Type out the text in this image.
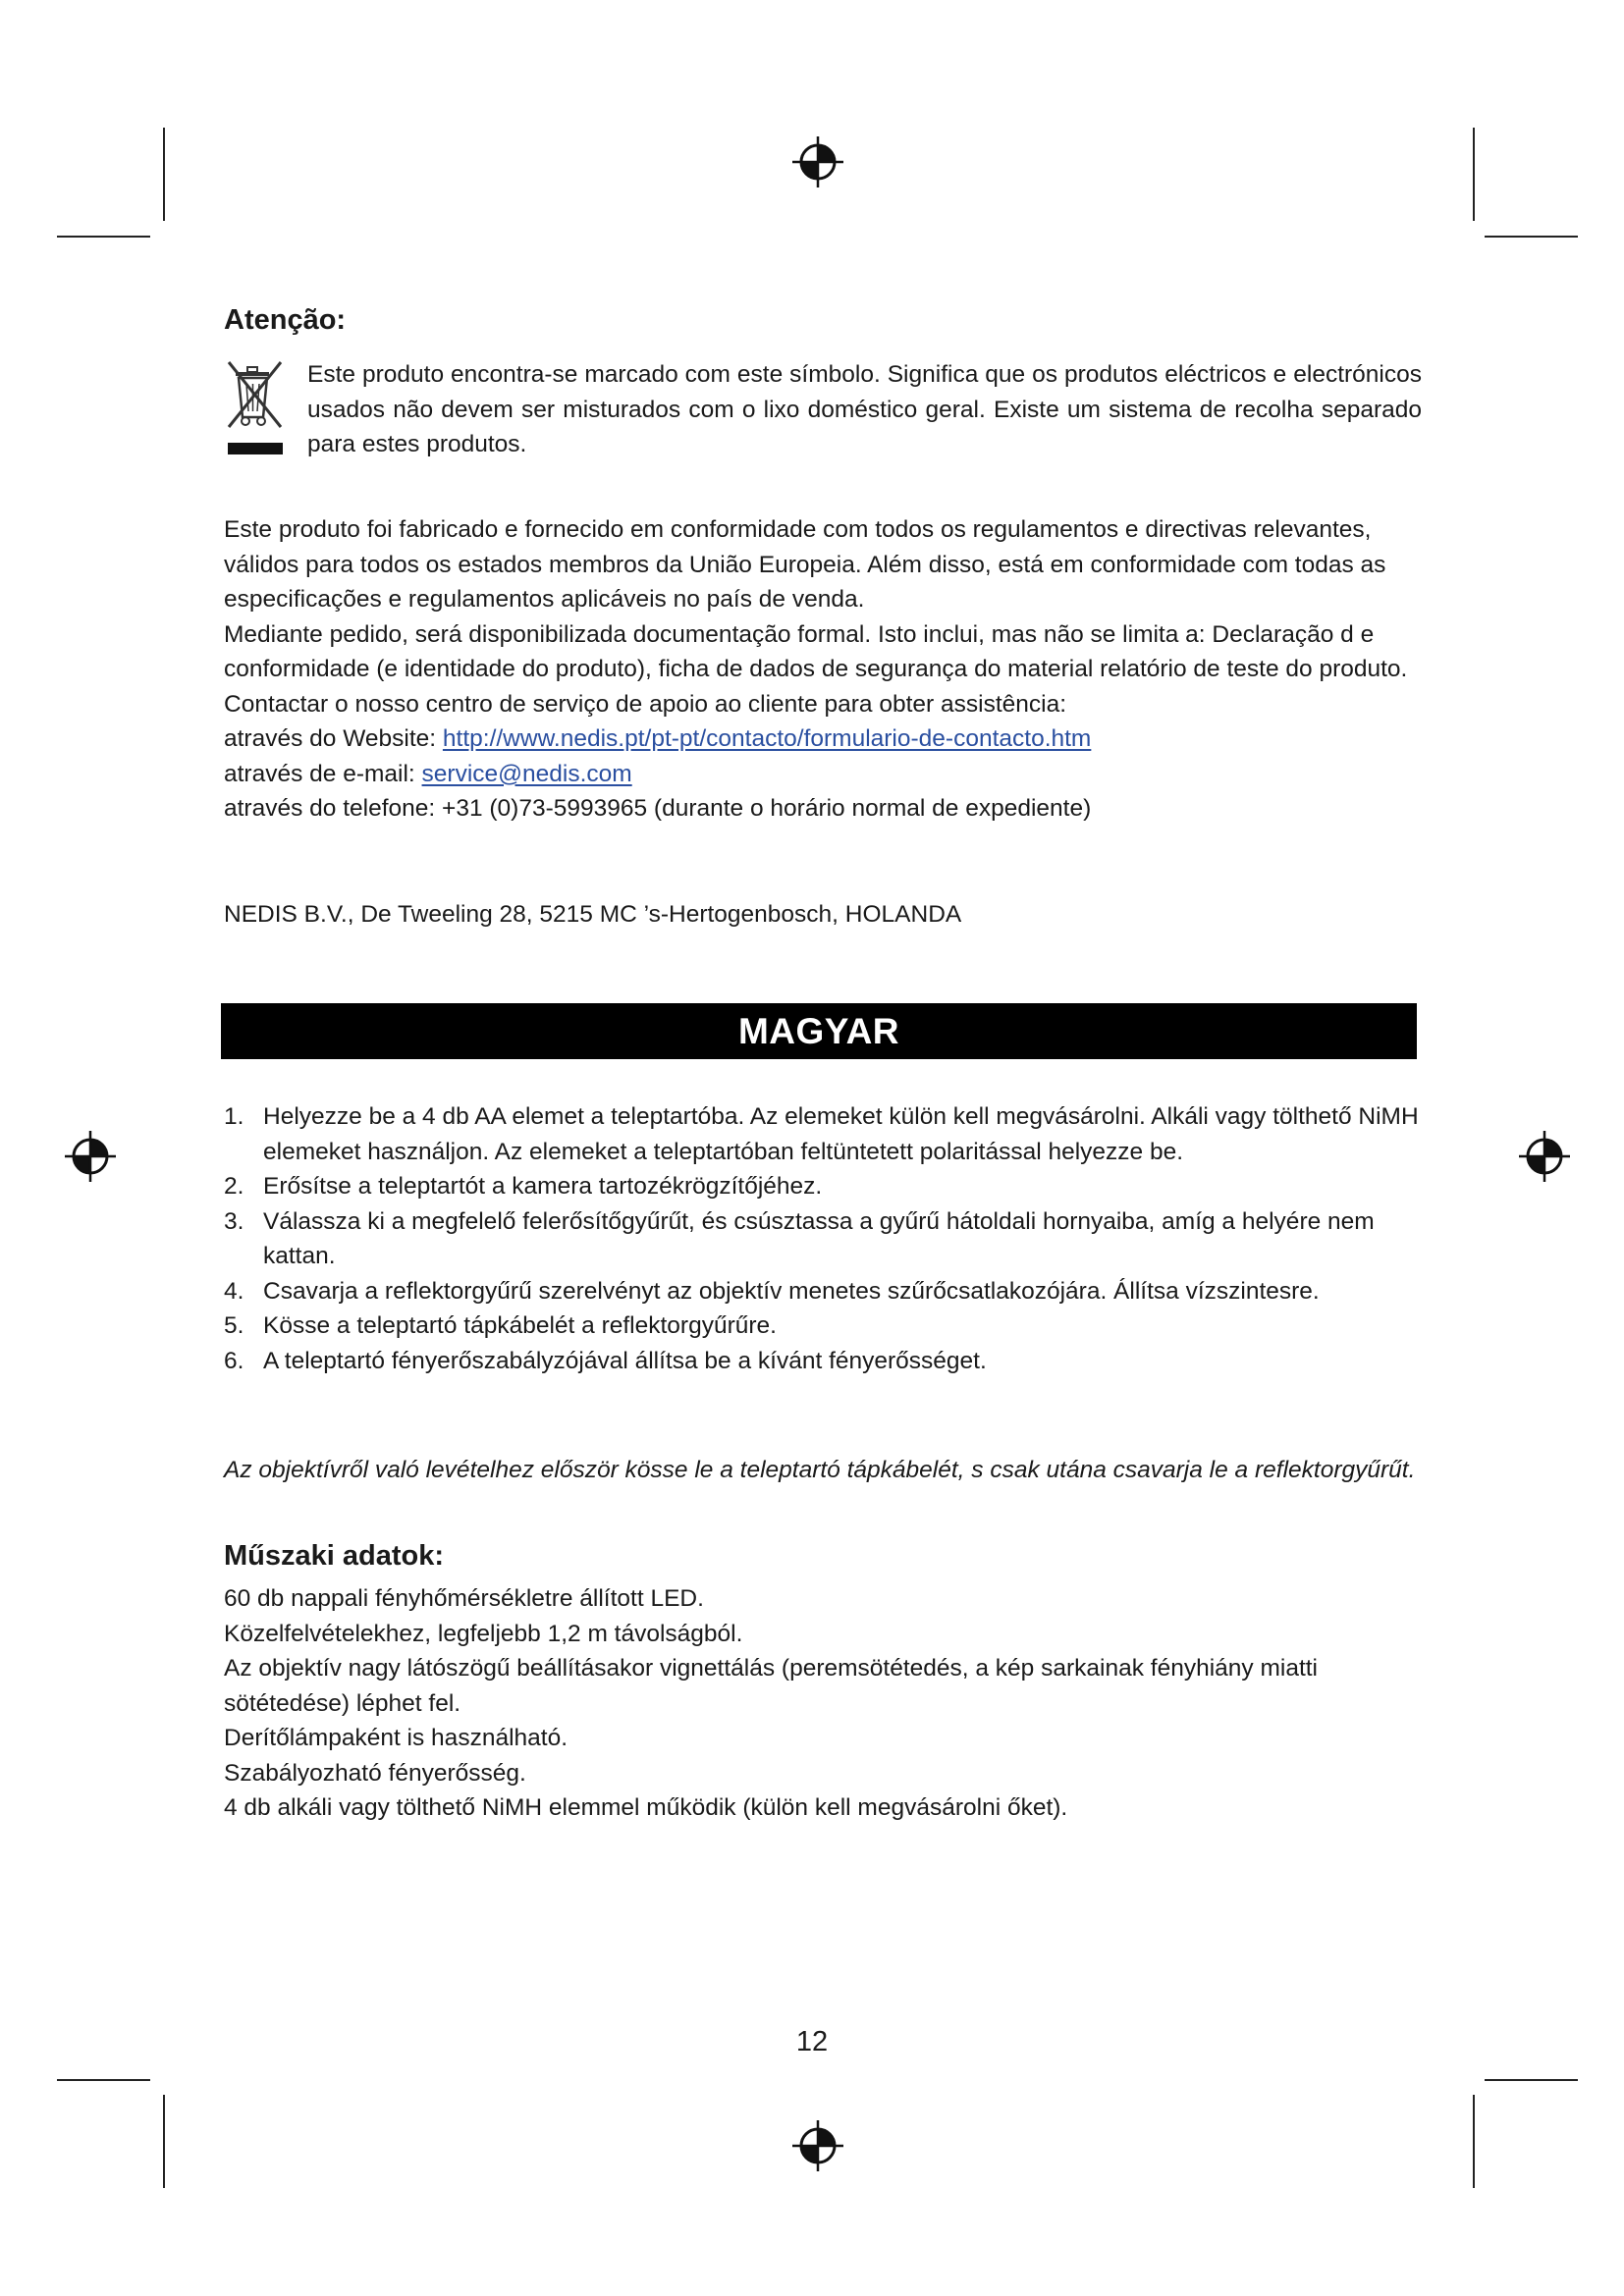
Atenção:

Este produto encontra-se marcado com este símbolo. Significa que os produtos eléctricos e electrónicos usados não devem ser misturados com o lixo doméstico geral. Existe um sistema de recolha separado para estes produtos.

Este produto foi fabricado e fornecido em conformidade com todos os regulamentos e directivas relevantes, válidos para todos os estados membros da União Europeia. Além disso, está em conformidade com todas as especificações e regulamentos aplicáveis no país de venda.

Mediante pedido, será disponibilizada documentação formal. Isto inclui, mas não se limita a: Declaração d e conformidade (e identidade do produto), ficha de dados de segurança do material relatório de teste do produto.

Contactar o nosso centro de serviço de apoio ao cliente para obter assistência:

através do Website: http://www.nedis.pt/pt-pt/contacto/formulario-de-contacto.htm

através de e-mail: service@nedis.com

através do telefone: +31 (0)73-5993965 (durante o horário normal de expediente)

NEDIS B.V., De Tweeling 28, 5215 MC ’s-Hertogenbosch, HOLANDA

MAGYAR
1. Helyezze be a 4 db AA elemet a teleptartóba. Az elemeket külön kell megvásárolni. Alkáli vagy tölthető NiMH elemeket használjon. Az elemeket a teleptartóban feltüntetett polaritással helyezze be.
2. Erősítse a teleptartót a kamera tartozékrögzítőjéhez.
3. Válassza ki a megfelelő felerősítőgyűrűt, és csúsztassa a gyűrű hátoldali hornyaiba, amíg a helyére nem kattan.
4. Csavarja a reflektorgyűrű szerelvényt az objektív menetes szűrőcsatlakozójára. Állítsa vízszintesre.
5. Kösse a teleptartó tápkábelét a reflektorgyűrűre.
6. A teleptartó fényerőszabályzójával állítsa be a kívánt fényerősséget.

Az objektívről való levételhez először kösse le a teleptartó tápkábelét, s csak utána csavarja le a reflektorgyűrűt.

Műszaki adatok:
60 db nappali fényhőmérsékletre állított LED.
Közelfelvételekhez, legfeljebb 1,2 m távolságból.
Az objektív nagy látószögű beállításakor vignettálás (peremsötétedés, a kép sarkainak fényhiány miatti sötétedése) léphet fel.
Derítőlámpaként is használható.
Szabályozható fényerősség.
4 db alkáli vagy tölthető NiMH elemmel működik (külön kell megvásárolni őket).

12
